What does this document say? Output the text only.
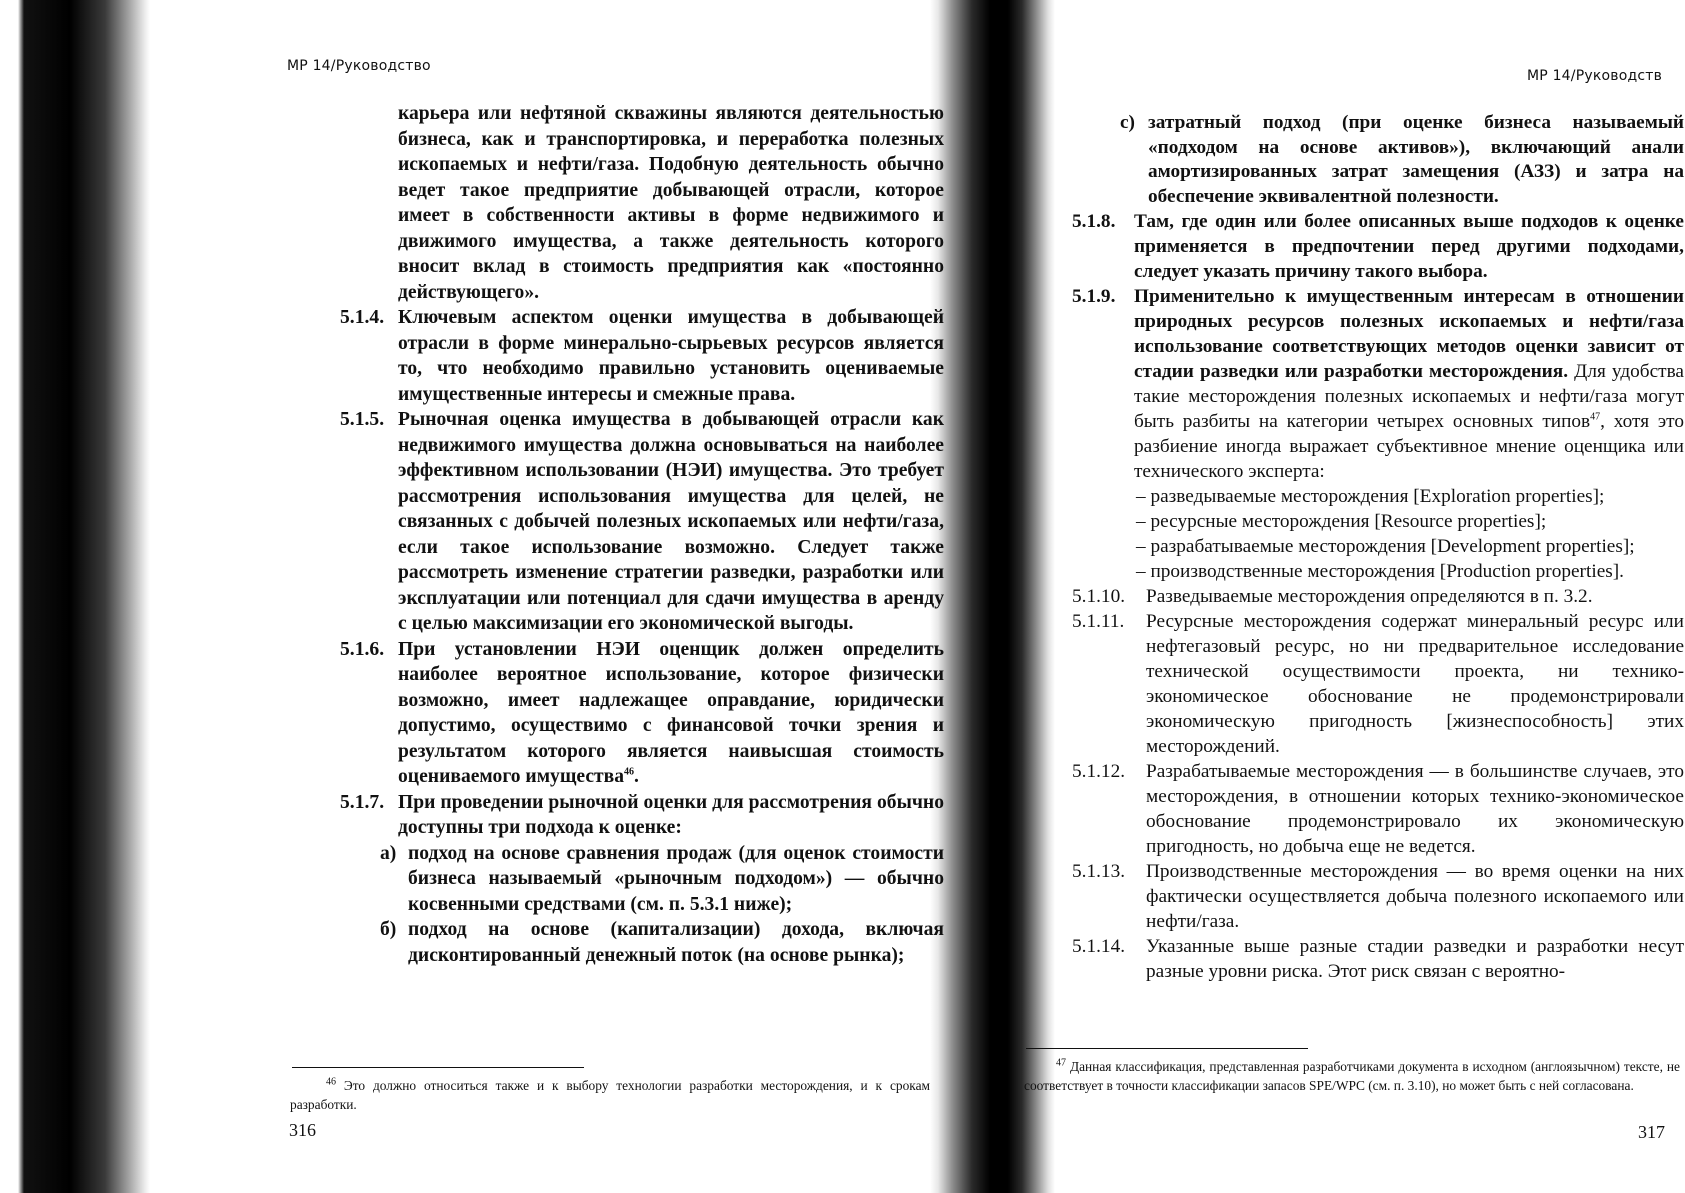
МР 14/Руководство
карьера или нефтяной скважины являются деятельностью бизнеса, как и транспортировка, и переработка полезных ископаемых и нефти/газа. Подобную деятельность обычно ведет такое предприятие добывающей отрасли, которое имеет в собственности активы в форме недвижимого и движимого имущества, а также деятельность которого вносит вклад в стоимость предприятия как «постоянно действующего».
5.1.4. Ключевым аспектом оценки имущества в добывающей отрасли в форме минерально-сырьевых ресурсов является то, что необходимо правильно установить оцениваемые имущественные интересы и смежные права.
5.1.5. Рыночная оценка имущества в добывающей отрасли как недвижимого имущества должна основываться на наиболее эффективном использовании (НЭИ) имущества. Это требует рассмотрения использования имущества для целей, не связанных с добычей полезных ископаемых или нефти/газа, если такое использование возможно. Следует также рассмотреть изменение стратегии разведки, разработки или эксплуатации или потенциал для сдачи имущества в аренду с целью максимизации его экономической выгоды.
5.1.6. При установлении НЭИ оценщик должен определить наиболее вероятное использование, которое физически возможно, имеет надлежащее оправдание, юридически допустимо, осуществимо с финансовой точки зрения и результатом которого является наивысшая стоимость оцениваемого имущества$^{46}$.
5.1.7. При проведении рыночной оценки для рассмотрения обычно доступны три подхода к оценке:
а) подход на основе сравнения продаж (для оценок стоимости бизнеса называемый «рыночным подходом») — обычно косвенными средствами (см. п. 5.3.1 ниже);
б) подход на основе (капитализации) дохода, включая дисконтированный денежный поток (на основе рынка);
$^{46}$ Это должно относиться также и к выбору технологии разработки месторождения, и к срокам разработки.
316
МР 14/Руководств
с) затратный подход (при оценке бизнеса называемый «подходом на основе активов»), включающий анали амортизированных затрат замещения (АЗЗ) и затра на обеспечение эквивалентной полезности.
5.1.8. Там, где один или более описанных выше подходов к оценке применяется в предпочтении перед другими подходами, следует указать причину такого выбора.
5.1.9. Применительно к имущественным интересам в отношении природных ресурсов полезных ископаемых и нефти/газа использование соответствующих методов оценки зависит от стадии разведки или разработки месторождения. Для удобства такие месторождения полезных ископаемых и нефти/газа могут быть разбиты на категории четырех основных типов$^{47}$, хотя это разбиение иногда выражает субъективное мнение оценщика или технического эксперта:
– разведываемые месторождения [Exploration properties];
– ресурсные месторождения [Resource properties];
– разрабатываемые месторождения [Development properties];
– производственные месторождения [Production properties].
5.1.10.	Разведываемые месторождения определяются в п. 3.2.
5.1.11.	Ресурсные месторождения содержат минеральный ресурс или нефтегазовый ресурс, но ни предварительное исследование технической осуществимости проекта, ни технико-экономическое обоснование не продемонстрировали экономическую пригодность [жизнеспособность] этих месторождений.
5.1.12.	Разрабатываемые месторождения — в большинстве случаев, это месторождения, в отношении которых технико-экономическое обоснование продемонстрировало их экономическую пригодность, но добыча еще не ведется.
5.1.13.	Производственные месторождения — во время оценки на них фактически осуществляется добыча полезного ископаемого или нефти/газа.
5.1.14.	Указанные выше разные стадии разведки и разработки несут разные уровни риска. Этот риск связан с вероятно-
$^{47}$ Данная классификация, представленная разработчиками документа в исходном (англоязычном) тексте, не соответствует в точности классификации запасов SPE/WPC (см. п. 3.10), но может быть с ней согласована.
317
